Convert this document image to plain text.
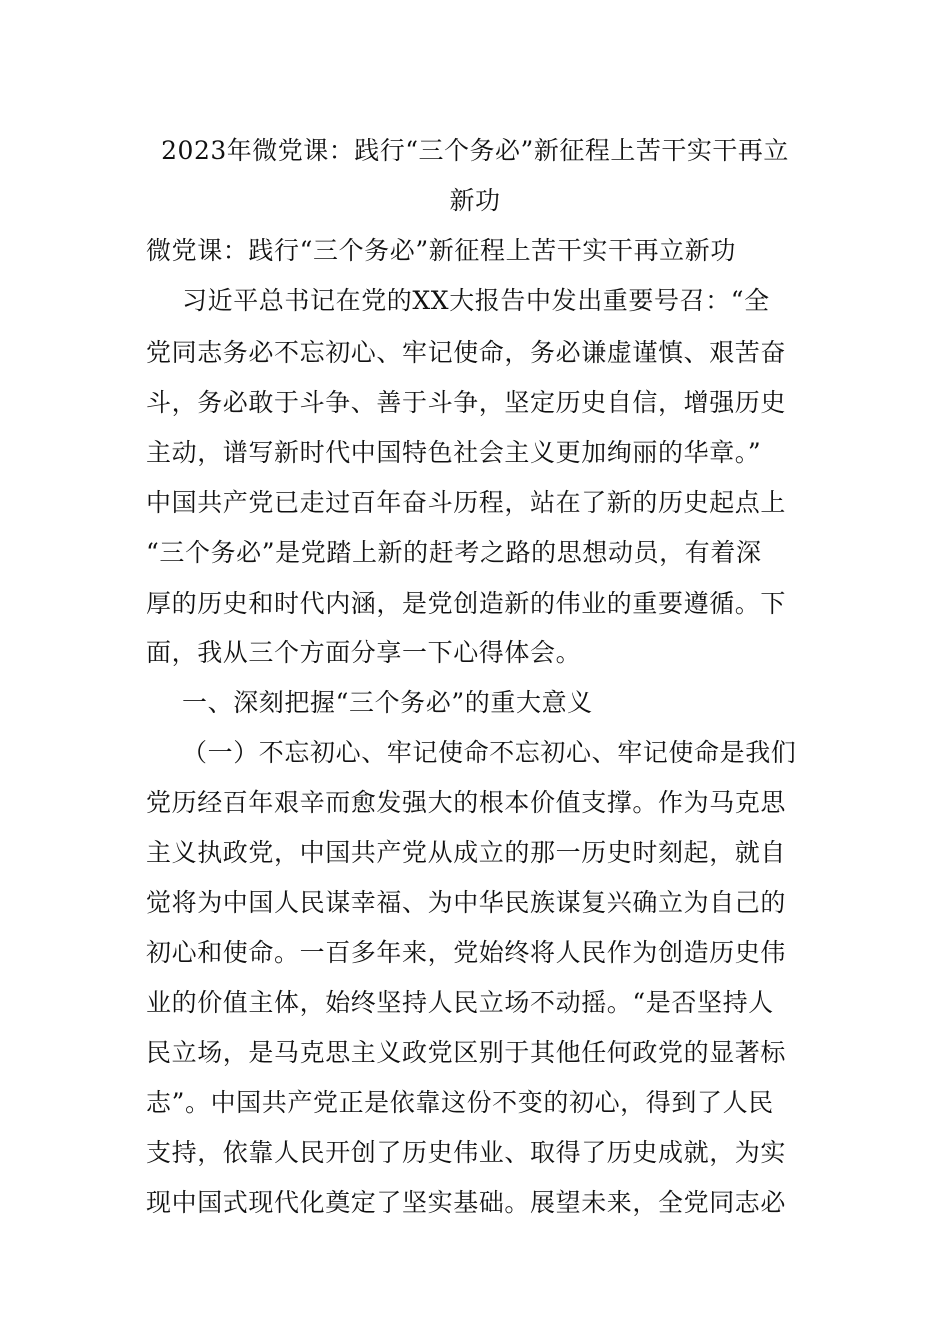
2023年微党课：践行“三个务必”新征程上苦干实干再立
新功
微党课：践行“三个务必”新征程上苦干实干再立新功
习近平总书记在党的XX大报告中发出重要号召：“全
党同志务必不忘初心、牢记使命，务必谦虚谨慎、艰苦奋
斗，务必敢于斗争、善于斗争，坚定历史自信，增强历史
主动，谱写新时代中国特色社会主义更加绚丽的华章。”
中国共产党已走过百年奋斗历程，站在了新的历史起点上
“三个务必”是党踏上新的赶考之路的思想动员，有着深
厚的历史和时代内涵，是党创造新的伟业的重要遵循。下
面，我从三个方面分享一下心得体会。
一、深刻把握“三个务必”的重大意义
（一）不忘初心、牢记使命不忘初心、牢记使命是我们
党历经百年艰辛而愈发强大的根本价值支撑。作为马克思
主义执政党，中国共产党从成立的那一历史时刻起，就自
觉将为中国人民谋幸福、为中华民族谋复兴确立为自己的
初心和使命。一百多年来，党始终将人民作为创造历史伟
业的价值主体，始终坚持人民立场不动摇。“是否坚持人
民立场，是马克思主义政党区别于其他任何政党的显著标
志”。中国共产党正是依靠这份不变的初心，得到了人民
支持，依靠人民开创了历史伟业、取得了历史成就，为实
现中国式现代化奠定了坚实基础。展望未来，全党同志必
